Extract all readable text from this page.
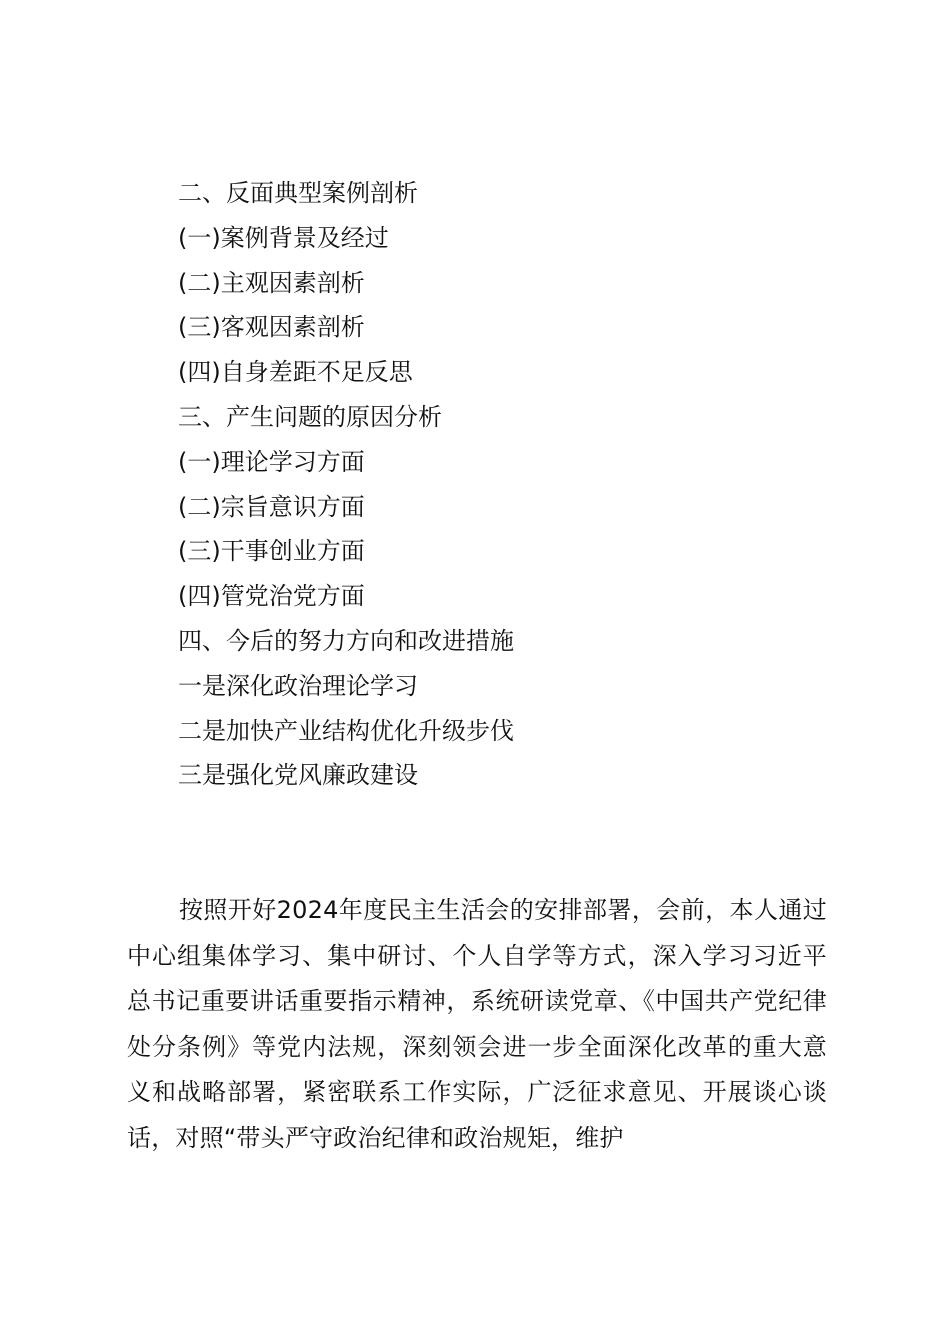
二、反面典型案例剖析
(一)案例背景及经过
(二)主观因素剖析
(三)客观因素剖析
(四)自身差距不足反思
三、产生问题的原因分析
(一)理论学习方面
(二)宗旨意识方面
(三)干事创业方面
(四)管党治党方面
四、今后的努力方向和改进措施
一是深化政治理论学习
二是加快产业结构优化升级步伐
三是强化党风廉政建设

按照开好2024年度民主生活会的安排部署，会前，本人通过中心组集体学习、集中研讨、个人自学等方式，深入学习习近平总书记重要讲话重要指示精神，系统研读党章、《中国共产党纪律处分条例》等党内法规，深刻领会进一步全面深化改革的重大意义和战略部署，紧密联系工作实际，广泛征求意见、开展谈心谈话，对照“带头严守政治纪律和政治规矩，维护
